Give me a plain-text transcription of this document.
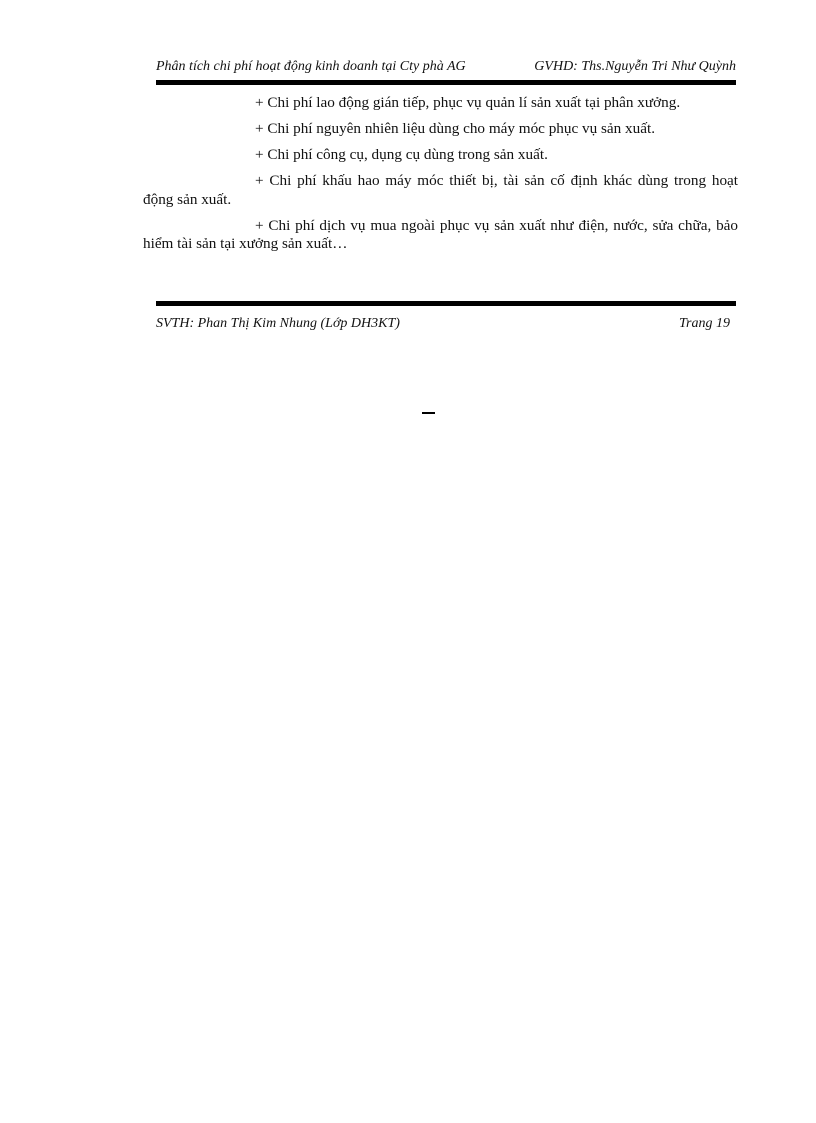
Phân tích chi phí hoạt động kinh doanh tại Cty phà AG	GVHD: Ths.Nguyễn Tri Như Quỳnh

+ Chi phí lao động gián tiếp, phục vụ quản lí sản xuất tại phân xưởng.

+ Chi phí nguyên nhiên liệu dùng cho máy móc phục vụ sản xuất.

+ Chi phí công cụ, dụng cụ dùng trong sản xuất.

+ Chi phí khấu hao máy móc thiết bị, tài sản cố định khác dùng trong hoạt động sản xuất.

+ Chi phí dịch vụ mua ngoài phục vụ sản xuất như điện, nước, sửa chữa, bảo hiểm tài sản tại xưởng sản xuất…

SVTH: Phan Thị Kim Nhung (Lớp DH3KT)	Trang 19
